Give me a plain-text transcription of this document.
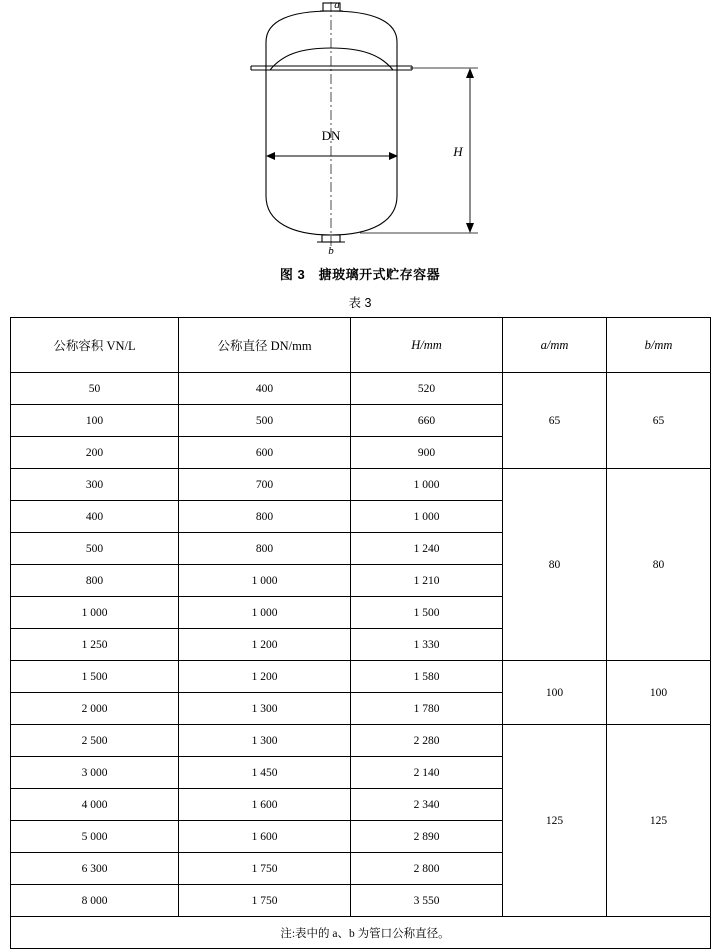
DN
H
a
b
图 3　搪玻璃开式贮存容器
表 3
公称容积 VN/L	公称直径 DN/mm	H/mm	a/mm	b/mm
50	400	520	65	65
100	500	660		
200	600	900		
300	700	1 000	80	80
400	800	1 000		
500	800	1 240		
800	1 000	1 210		
1 000	1 000	1 500		
1 250	1 200	1 330		
1 500	1 200	1 580	100	100
2 000	1 300	1 780		
2 500	1 300	2 280	125	125
3 000	1 450	2 140		
4 000	1 600	2 340		
5 000	1 600	2 890		
6 300	1 750	2 800		
8 000	1 750	3 550		
注:表中的 a、b 为管口公称直径。				
